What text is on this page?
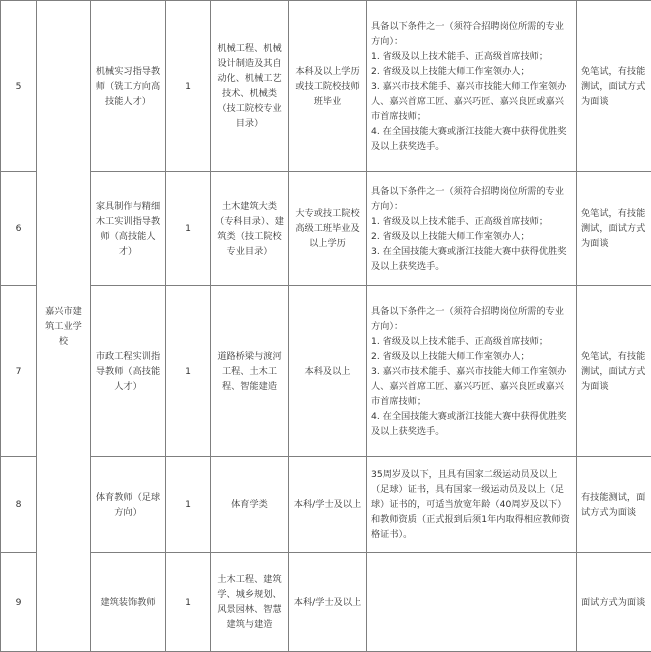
5	嘉兴市建筑工业学校	机械实习指导教师（铣工方向高技能人才）	1	机械工程、机械设计制造及其自动化、机械工艺技术、机械类（技工院校专业目录）	本科及以上学历或技工院校技师班毕业	具备以下条件之一（须符合招聘岗位所需的专业方向）：
1. 省级及以上技术能手、正高级首席技师；
2. 省级及以上技能大师工作室领办人；
3. 嘉兴市技术能手、嘉兴市技能大师工作室领办人、嘉兴首席工匠、嘉兴巧匠、嘉兴良匠或嘉兴市首席技师；
4. 在全国技能大赛或浙江技能大赛中获得优胜奖及以上获奖选手。	免笔试，有技能测试，面试方式为面谈
6		家具制作与精细木工实训指导教师（高技能人才）	1	土木建筑大类（专科目录）、建筑类（技工院校专业目录）	大专或技工院校高级工班毕业及以上学历	具备以下条件之一（须符合招聘岗位所需的专业方向）：
1. 省级及以上技术能手、正高级首席技师；
2. 省级及以上技能大师工作室领办人；
3. 在全国技能大赛或浙江技能大赛中获得优胜奖及以上获奖选手。	免笔试，有技能测试，面试方式为面谈
7		市政工程实训指导教师（高技能人才）	1	道路桥梁与渡河工程、土木工程、智能建造	本科及以上	具备以下条件之一（须符合招聘岗位所需的专业方向）：
1. 省级及以上技术能手、正高级首席技师；
2. 省级及以上技能大师工作室领办人；
3. 嘉兴市技术能手、嘉兴市技能大师工作室领办人、嘉兴首席工匠、嘉兴巧匠、嘉兴良匠或嘉兴市首席技师；
4. 在全国技能大赛或浙江技能大赛中获得优胜奖及以上获奖选手。	免笔试，有技能测试，面试方式为面谈
8		体育教师（足球方向）	1	体育学类	本科/学士及以上	35周岁及以下，且具有国家二级运动员及以上（足球）证书，具有国家一级运动员及以上（足球）证书的，可适当放宽年龄（40周岁及以下）和教师资质（正式报到后须1年内取得相应教师资格证书）。	有技能测试，面试方式为面谈
9		建筑装饰教师	1	土木工程、建筑学、城乡规划、风景园林、智慧建筑与建造	本科/学士及以上		面试方式为面谈
